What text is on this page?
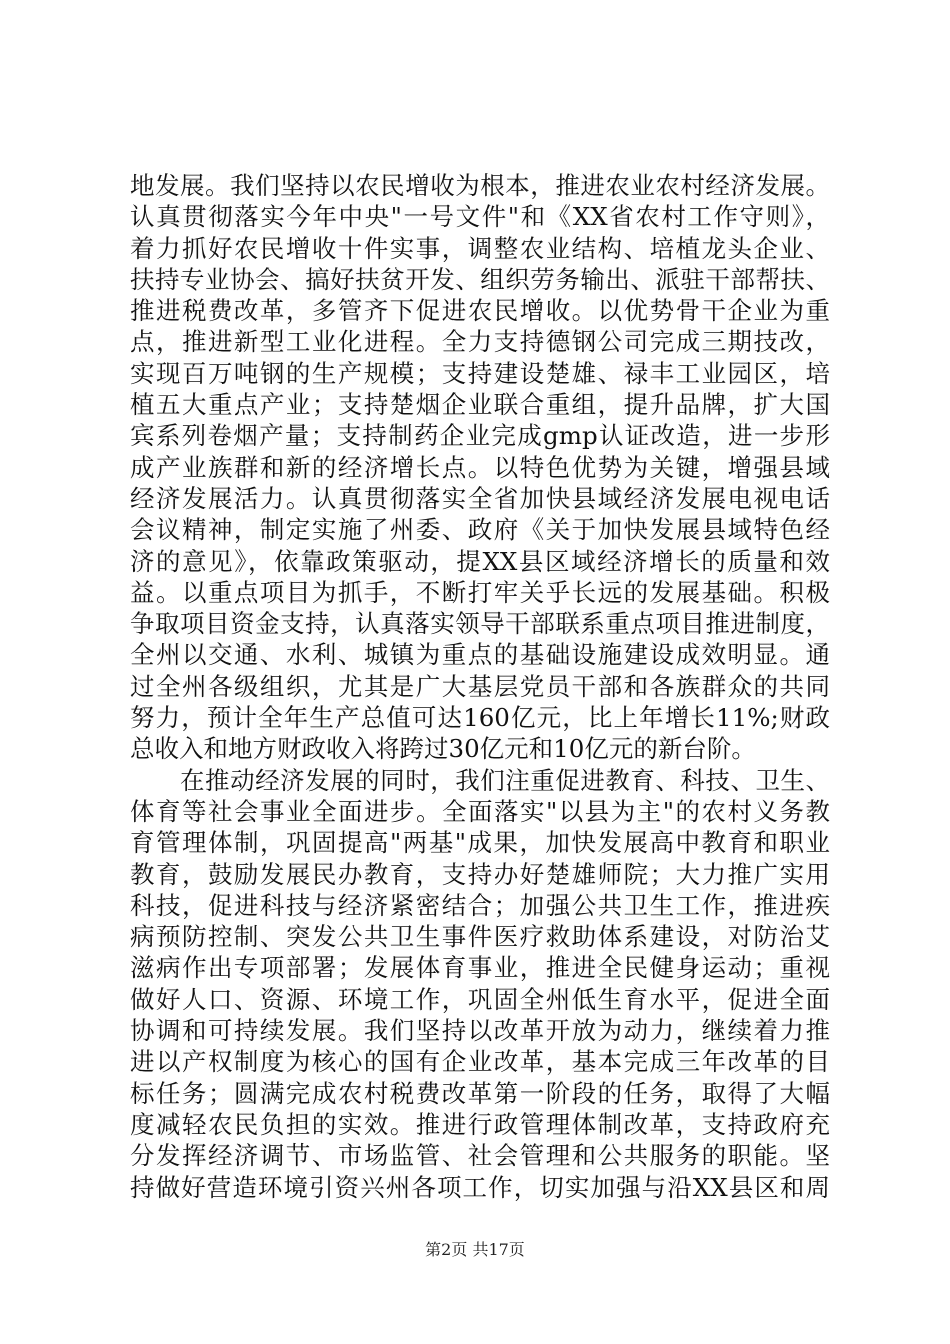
地发展。我们坚持以农民增收为根本，推进农业农村经济发展。
认真贯彻落实今年中央"一号文件"和《XX省农村工作守则》，
着力抓好农民增收十件实事，调整农业结构、培植龙头企业、
扶持专业协会、搞好扶贫开发、组织劳务输出、派驻干部帮扶、
推进税费改革，多管齐下促进农民增收。以优势骨干企业为重
点，推进新型工业化进程。全力支持德钢公司完成三期技改，
实现百万吨钢的生产规模；支持建设楚雄、禄丰工业园区，培
植五大重点产业；支持楚烟企业联合重组，提升品牌，扩大国
宾系列卷烟产量；支持制药企业完成gmp认证改造，进一步形
成产业族群和新的经济增长点。以特色优势为关键，增强县域
经济发展活力。认真贯彻落实全省加快县域经济发展电视电话
会议精神，制定实施了州委、政府《关于加快发展县域特色经
济的意见》，依靠政策驱动，提XX县区域经济增长的质量和效
益。以重点项目为抓手，不断打牢关乎长远的发展基础。积极
争取项目资金支持，认真落实领导干部联系重点项目推进制度，
全州以交通、水利、城镇为重点的基础设施建设成效明显。通
过全州各级组织，尤其是广大基层党员干部和各族群众的共同
努力，预计全年生产总值可达160亿元，比上年增长11%;财政
总收入和地方财政收入将跨过30亿元和10亿元的新台阶。
　　在推动经济发展的同时，我们注重促进教育、科技、卫生、
体育等社会事业全面进步。全面落实"以县为主"的农村义务教
育管理体制，巩固提高"两基"成果，加快发展高中教育和职业
教育，鼓励发展民办教育，支持办好楚雄师院；大力推广实用
科技，促进科技与经济紧密结合；加强公共卫生工作，推进疾
病预防控制、突发公共卫生事件医疗救助体系建设，对防治艾
滋病作出专项部署；发展体育事业，推进全民健身运动；重视
做好人口、资源、环境工作，巩固全州低生育水平，促进全面
协调和可持续发展。我们坚持以改革开放为动力，继续着力推
进以产权制度为核心的国有企业改革，基本完成三年改革的目
标任务；圆满完成农村税费改革第一阶段的任务，取得了大幅
度减轻农民负担的实效。推进行政管理体制改革，支持政府充
分发挥经济调节、市场监管、社会管理和公共服务的职能。坚
持做好营造环境引资兴州各项工作，切实加强与沿XX县区和周
第2页 共17页
